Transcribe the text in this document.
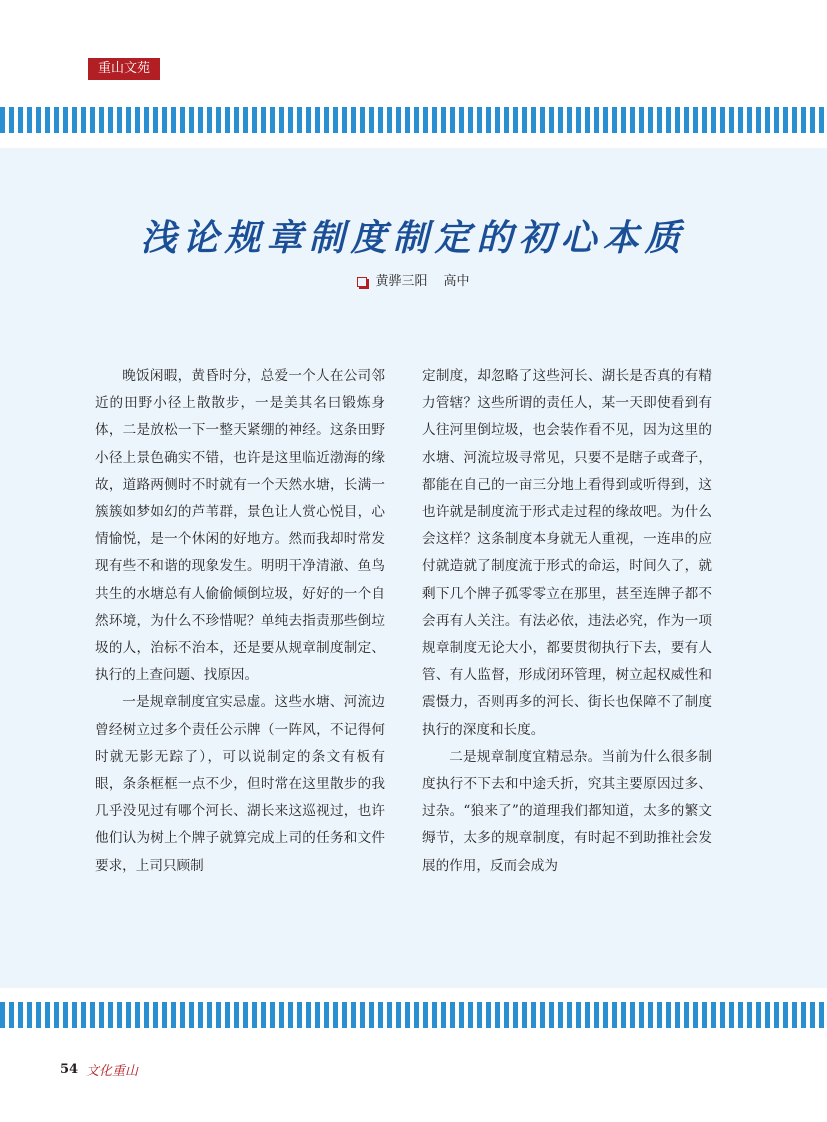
重山文苑
浅论规章制度制定的初心本质
黄骅三阳 高中

晚饭闲暇，黄昏时分，总爱一个人在公司邻近的田野小径上散散步，一是美其名曰锻炼身体，二是放松一下一整天紧绷的神经。这条田野小径上景色确实不错，也许是这里临近渤海的缘故，道路两侧时不时就有一个天然水塘，长满一簇簇如梦如幻的芦苇群，景色让人赏心悦目，心情愉悦，是一个休闲的好地方。然而我却时常发现有些不和谐的现象发生。明明干净清澈、鱼鸟共生的水塘总有人偷偷倾倒垃圾，好好的一个自然环境，为什么不珍惜呢？单纯去指责那些倒垃圾的人，治标不治本，还是要从规章制度制定、执行的上查问题、找原因。

一是规章制度宜实忌虚。这些水塘、河流边曾经树立过多个责任公示牌（一阵风，不记得何时就无影无踪了），可以说制定的条文有板有眼，条条框框一点不少，但时常在这里散步的我几乎没见过有哪个河长、湖长来这巡视过，也许他们认为树上个牌子就算完成上司的任务和文件要求，上司只顾制

定制度，却忽略了这些河长、湖长是否真的有精力管辖？这些所谓的责任人，某一天即使看到有人往河里倒垃圾，也会装作看不见，因为这里的水塘、河流垃圾寻常见，只要不是瞎子或聋子，都能在自己的一亩三分地上看得到或听得到，这也许就是制度流于形式走过程的缘故吧。为什么会这样？这条制度本身就无人重视，一连串的应付就造就了制度流于形式的命运，时间久了，就剩下几个牌子孤零零立在那里，甚至连牌子都不会再有人关注。有法必依，违法必究，作为一项规章制度无论大小，都要贯彻执行下去，要有人管、有人监督，形成闭环管理，树立起权威性和震慑力，否则再多的河长、街长也保障不了制度执行的深度和长度。

二是规章制度宜精忌杂。当前为什么很多制度执行不下去和中途夭折，究其主要原因过多、过杂。“狼来了”的道理我们都知道，太多的繁文缛节，太多的规章制度，有时起不到助推社会发展的作用，反而会成为

54 文化重山
